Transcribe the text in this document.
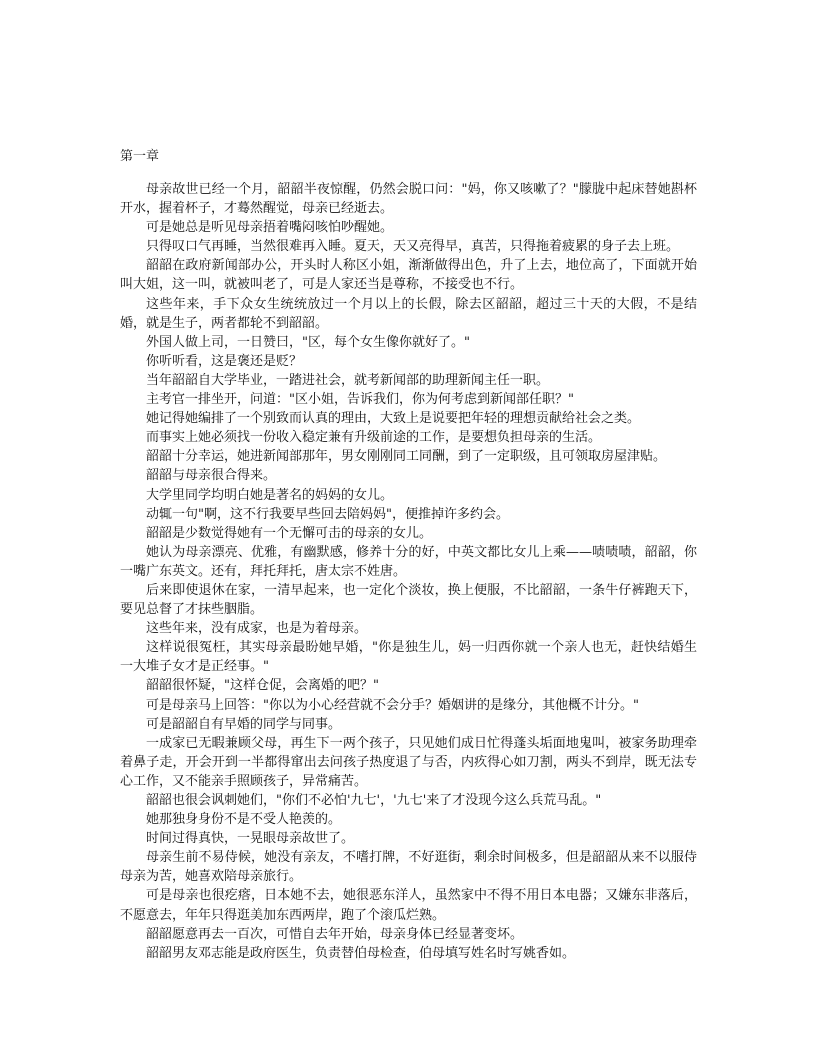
第一章

母亲故世已经一个月，韶韶半夜惊醒，仍然会脱口问："妈，你又咳嗽了？"朦胧中起床替她斟杯开水，握着杯子，才蓦然醒觉，母亲已经逝去。

可是她总是听见母亲捂着嘴闷咳怕吵醒她。

只得叹口气再睡，当然很难再入睡。夏天，天又亮得早，真苦，只得拖着疲累的身子去上班。

韶韶在政府新闻部办公，开头时人称区小姐，渐渐做得出色，升了上去，地位高了，下面就开始叫大姐，这一叫，就被叫老了，可是人家还当是尊称，不接受也不行。

这些年来，手下众女生统统放过一个月以上的长假，除去区韶韶，超过三十天的大假，不是结婚，就是生子，两者都轮不到韶韶。

外国人做上司，一日赞曰，"区，每个女生像你就好了。"

你听听看，这是褒还是贬？

当年韶韶自大学毕业，一踏进社会，就考新闻部的助理新闻主任一职。

主考官一排坐开，问道："区小姐，告诉我们，你为何考虑到新闻部任职？"

她记得她编排了一个别致而认真的理由，大致上是说要把年轻的理想贡献给社会之类。

而事实上她必须找一份收入稳定兼有升级前途的工作，是要想负担母亲的生活。

韶韶十分幸运，她进新闻部那年，男女刚刚同工同酬，到了一定职级，且可领取房屋津贴。

韶韶与母亲很合得来。

大学里同学均明白她是著名的妈妈的女儿。

动辄一句"啊，这不行我要早些回去陪妈妈"，便推掉许多约会。

韶韶是少数觉得她有一个无懈可击的母亲的女儿。

她认为母亲漂亮、优雅，有幽默感，修养十分的好，中英文都比女儿上乘——啧啧啧，韶韶，你一嘴广东英文。还有，拜托拜托，唐太宗不姓唐。

后来即使退休在家，一清早起来，也一定化个淡妆，换上便服，不比韶韶，一条牛仔裤跑天下，要见总督了才抹些胭脂。

这些年来，没有成家，也是为着母亲。

这样说很冤枉，其实母亲最盼她早婚，"你是独生儿，妈一归西你就一个亲人也无，赶快结婚生一大堆子女才是正经事。"

韶韶很怀疑，"这样仓促，会离婚的吧？"

可是母亲马上回答："你以为小心经营就不会分手？婚姻讲的是缘分，其他概不计分。"

可是韶韶自有早婚的同学与同事。

一成家已无暇兼顾父母，再生下一两个孩子，只见她们成日忙得蓬头垢面地鬼叫，被家务助理牵着鼻子走，开会开到一半都得窜出去问孩子热度退了与否，内疚得心如刀割，两头不到岸，既无法专心工作，又不能亲手照顾孩子，异常痛苦。

韶韶也很会讽刺她们，"你们不必怕'九七'，'九七'来了才没现今这么兵荒马乱。"

她那独身身份不是不受人艳羡的。

时间过得真快，一晃眼母亲故世了。

母亲生前不易侍候，她没有亲友，不嗜打牌，不好逛街，剩余时间极多，但是韶韶从来不以服侍母亲为苦，她喜欢陪母亲旅行。

可是母亲也很疙瘩，日本她不去，她很恶东洋人，虽然家中不得不用日本电器；又嫌东非落后，不愿意去，年年只得逛美加东西两岸，跑了个滚瓜烂熟。

韶韶愿意再去一百次，可惜自去年开始，母亲身体已经显著变坏。

韶韶男友邓志能是政府医生，负责替伯母检查，伯母填写姓名时写姚香如。
